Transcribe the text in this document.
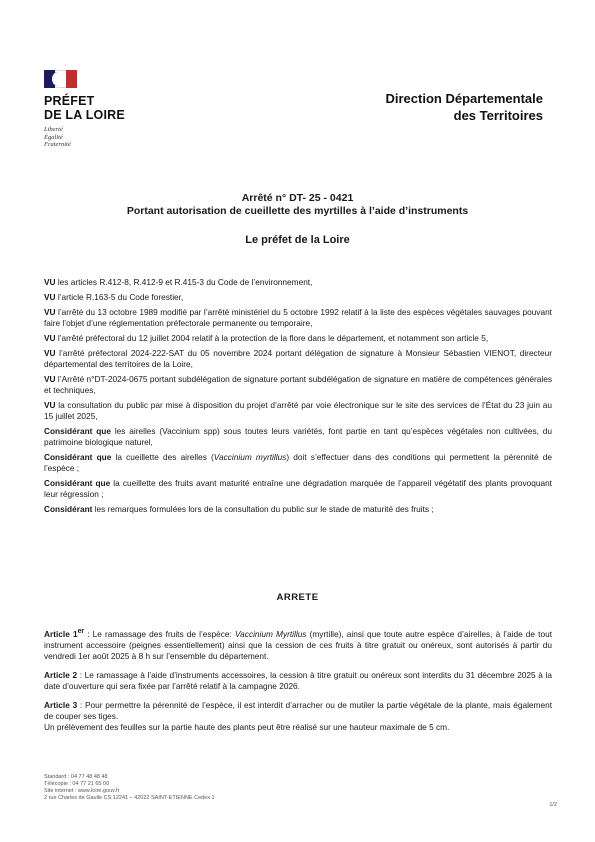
PRÉFET
DE LA LOIRE
Liberté
Égalité
Fraternité
Direction Départementale
des Territoires
Arrêté n° DT- 25 - 0421
Portant autorisation de cueillette des myrtilles à l’aide d’instruments
Le préfet de la Loire

VU les articles R.412-8, R.412-9 et R.415-3 du Code de l’environnement,

VU l’article R.163-5 du Code forestier,

VU l’arrêté du 13 octobre 1989 modifié par l’arrêté ministériel du 5 octobre 1992 relatif à la liste des espèces végétales sauvages pouvant faire l’objet d’une réglementation préfectorale permanente ou temporaire,

VU l’arrêté préfectoral du 12 juillet 2004 relatif à la protection de la flore dans le département, et notamment son article 5,

VU l’arrêté préfectoral 2024-222-SAT du 05 novembre 2024 portant délégation de signature à Monsieur Sébastien VIENOT, directeur départemental des territoires de la Loire,

VU l’Arrêté n°DT-2024-0675 portant subdélégation de signature portant subdélégation de signature en matière de compétences générales et techniques,

VU la consultation du public par mise à disposition du projet d’arrêté par voie électronique sur le site des services de l’État du 23 juin au 15 juillet 2025,

Considérant que les airelles (Vaccinium spp) sous toutes leurs variétés, font partie en tant qu’espèces végétales non cultivées, du patrimoine biologique naturel,

Considérant que la cueillette des airelles (Vaccinium myrtillus) doit s’effectuer dans des conditions qui permettent la pérennité de l’espèce ;

Considérant que la cueillette des fruits avant maturité entraîne une dégradation marquée de l’appareil végétatif des plants provoquant leur régression ;

Considérant les remarques formulées lors de la consultation du public sur le stade de maturité des fruits ;

ARRETE

Article 1er : Le ramassage des fruits de l’espèce: Vaccinium Myrtillus (myrtille), ainsi que toute autre espèce d’airelles, à l’aide de tout instrument accessoire (peignes essentiellement) ainsi que la cession de ces fruits à titre gratuit ou onéreux, sont autorisés à partir du vendredi 1er août 2025 à 8 h sur l’ensemble du département.

Article 2 : Le ramassage à l’aide d’instruments accessoires, la cession à titre gratuit ou onéreux sont interdits du 31 décembre 2025 à la date d’ouverture qui sera fixée par l’arrêté relatif à la campagne 2026.

Article 3 : Pour permettre la pérennité de l’espèce, il est interdit d’arracher ou de mutiler la partie végétale de la plante, mais également de couper ses tiges.

Un prélèvement des feuilles sur la partie haute des plants peut être réalisé sur une hauteur maximale de 5 cm.

Standard : 04 77 48 48 48
Télécopie : 04 77 21 65 00
Site internet : www.loire.gouv.fr
2 rue Charles de Gaulle CS 12241 – 42022 SAINT-ETIENNE Cedex 1
1/2
